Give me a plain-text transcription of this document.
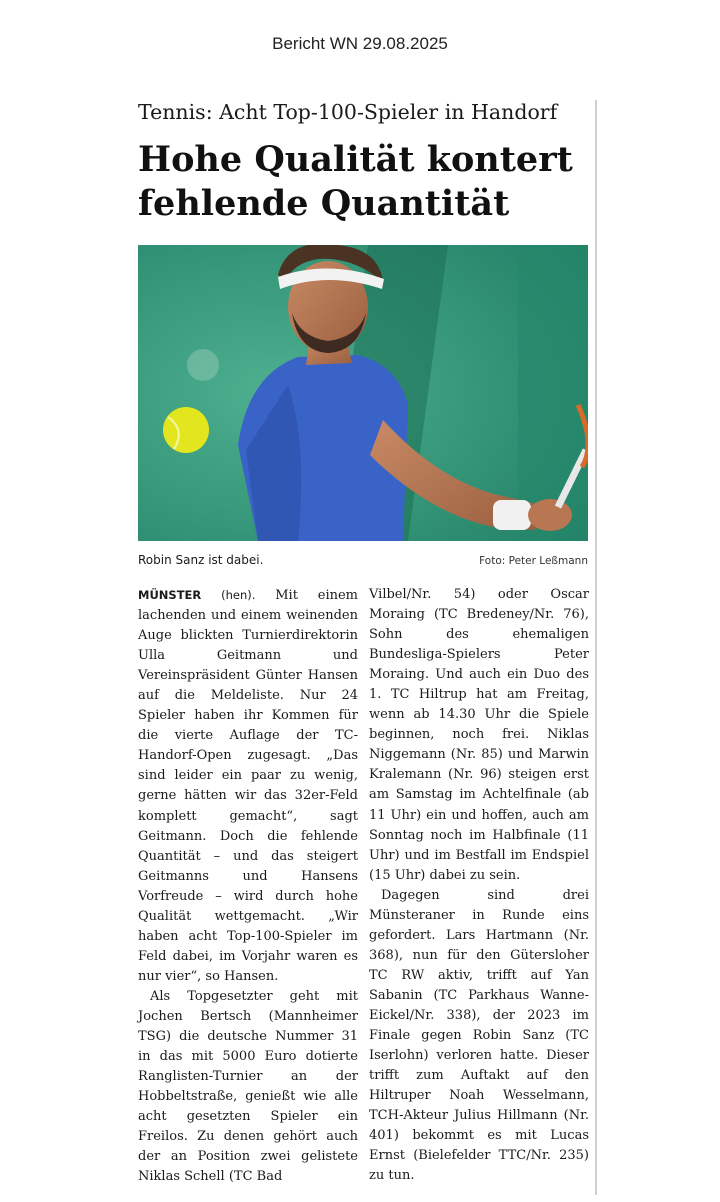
Bericht WN 29.08.2025
Tennis: Acht Top-100-Spieler in Handorf
Hohe Qualität kontert fehlende Quantität
Robin Sanz ist dabei.	Foto: Peter Leßmann

MÜNSTER (hen). Mit einem lachenden und einem weinenden Auge blickten Turnierdirektorin Ulla Geitmann und Vereinspräsident Günter Hansen auf die Meldeliste. Nur 24 Spieler haben ihr Kommen für die vierte Auflage der TC-Handorf-Open zugesagt. „Das sind leider ein paar zu wenig, gerne hätten wir das 32er-Feld komplett gemacht“, sagt Geitmann. Doch die fehlende Quantität – und das steigert Geitmanns und Hansens Vorfreude – wird durch hohe Qualität wettgemacht. „Wir haben acht Top-100-Spieler im Feld dabei, im Vorjahr waren es nur vier“, so Hansen.

Als Topgesetzter geht mit Jochen Bertsch (Mannheimer TSG) die deutsche Nummer 31 in das mit 5000 Euro dotierte Ranglisten-Turnier an der Hobbeltstraße, genießt wie alle acht gesetzten Spieler ein Freilos. Zu denen gehört auch der an Position zwei gelistete Niklas Schell (TC Bad

Vilbel/Nr. 54) oder Oscar Moraing (TC Bredeney/Nr. 76), Sohn des ehemaligen Bundesliga-Spielers Peter Moraing. Und auch ein Duo des 1. TC Hiltrup hat am Freitag, wenn ab 14.30 Uhr die Spiele beginnen, noch frei. Niklas Niggemann (Nr. 85) und Marwin Kralemann (Nr. 96) steigen erst am Samstag im Achtelfinale (ab 11 Uhr) ein und hoffen, auch am Sonntag noch im Halbfinale (11 Uhr) und im Bestfall im Endspiel (15 Uhr) dabei zu sein.

Dagegen sind drei Münsteraner in Runde eins gefordert. Lars Hartmann (Nr. 368), nun für den Gütersloher TC RW aktiv, trifft auf Yan Sabanin (TC Parkhaus Wanne-Eickel/Nr. 338), der 2023 im Finale gegen Robin Sanz (TC Iserlohn) verloren hatte. Dieser trifft zum Auftakt auf den Hiltruper Noah Wesselmann, TCH-Akteur Julius Hillmann (Nr. 401) bekommt es mit Lucas Ernst (Bielefelder TTC/Nr. 235) zu tun.
